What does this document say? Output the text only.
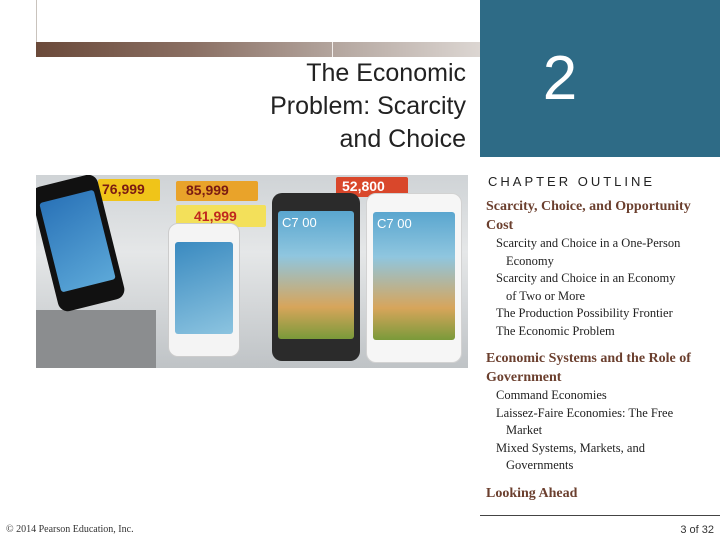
The Economic
Problem: Scarcity
and Choice
2
C7 00	C7 00
76,999	85,999	52,800
41,999
CHAPTER OUTLINE
Scarcity, Choice, and Opportunity Cost
Scarcity and Choice in a One-Person
Economy
Scarcity and Choice in an Economy
of Two or More
The Production Possibility Frontier
The Economic Problem
Economic Systems and the Role of Government
Command Economies
Laissez-Faire Economies: The Free
Market
Mixed Systems, Markets, and
Governments
Looking Ahead
© 2014 Pearson Education, Inc.	3 of 32
